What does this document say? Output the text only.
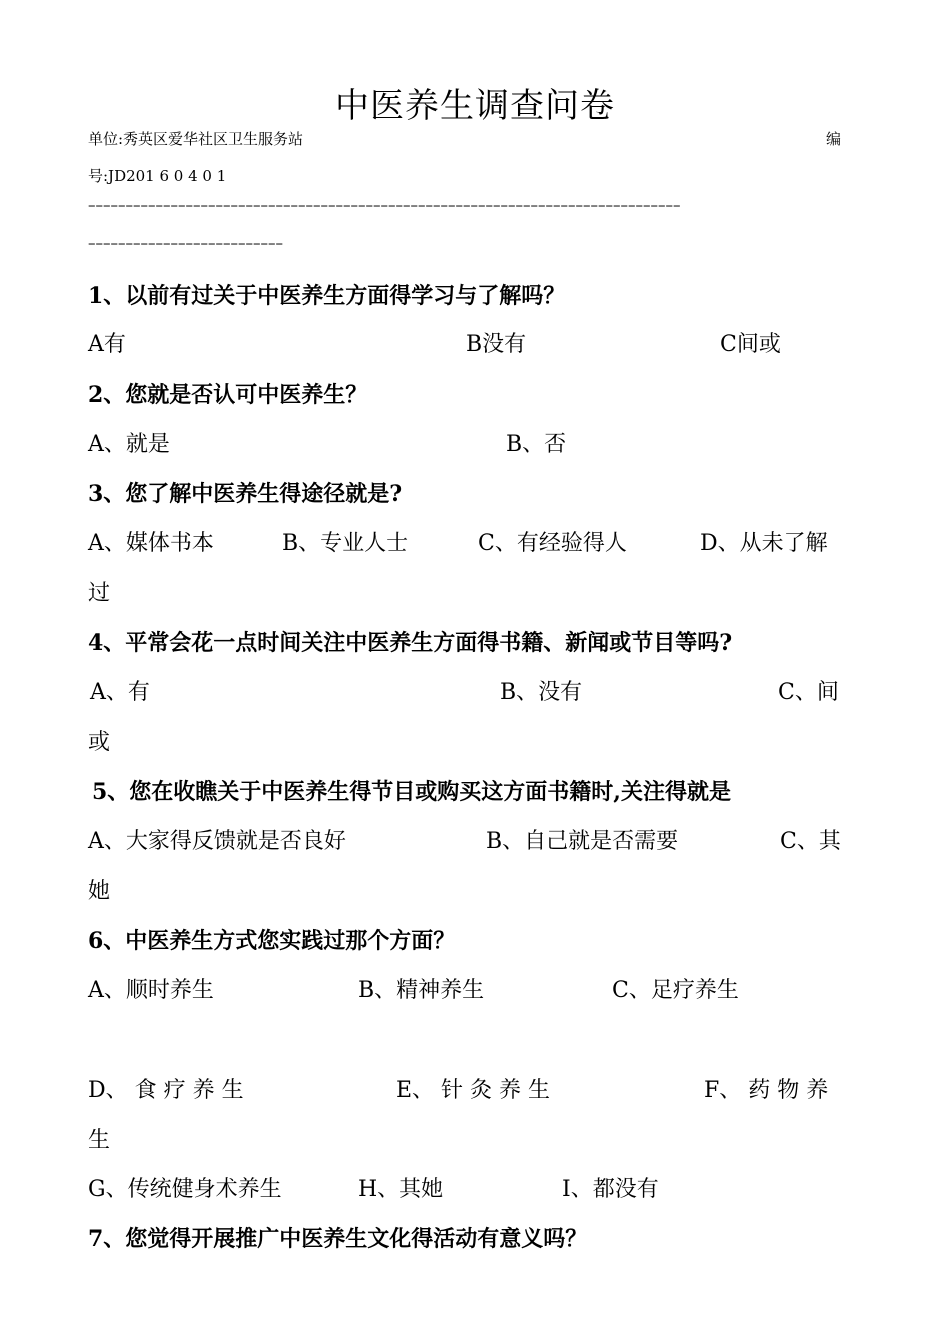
中医养生调查问卷
单位:秀英区爱华社区卫生服务站	编
号:JD201 6 0 4 0 1
–––––––––––––––––––––––––––––––––––––––––––––––––––––––––––––––––––––––––––––––
––––––––––––––––––––––––––
1、以前有过关于中医养生方面得学习与了解吗？
A有	B没有	C间或
2、您就是否认可中医养生？
A、就是	B、否
3、您了解中医养生得途径就是?
A、媒体书本	B、专业人士	C、有经验得人	D、从未了解
过
4、平常会花一点时间关注中医养生方面得书籍、新闻或节目等吗?
A、有	B、没有	C、间
或
5、您在收瞧关于中医养生得节目或购买这方面书籍时,关注得就是
A、大家得反馈就是否良好	B、自己就是否需要	C、其
她
6、中医养生方式您实践过那个方面？
A、顺时养生	B、精神养生	C、足疗养生
D、 食 疗 养 生	E、 针 灸 养 生	F、 药 物 养
生
G、传统健身术养生	H、其她	I、都没有
7、您觉得开展推广中医养生文化得活动有意义吗？
